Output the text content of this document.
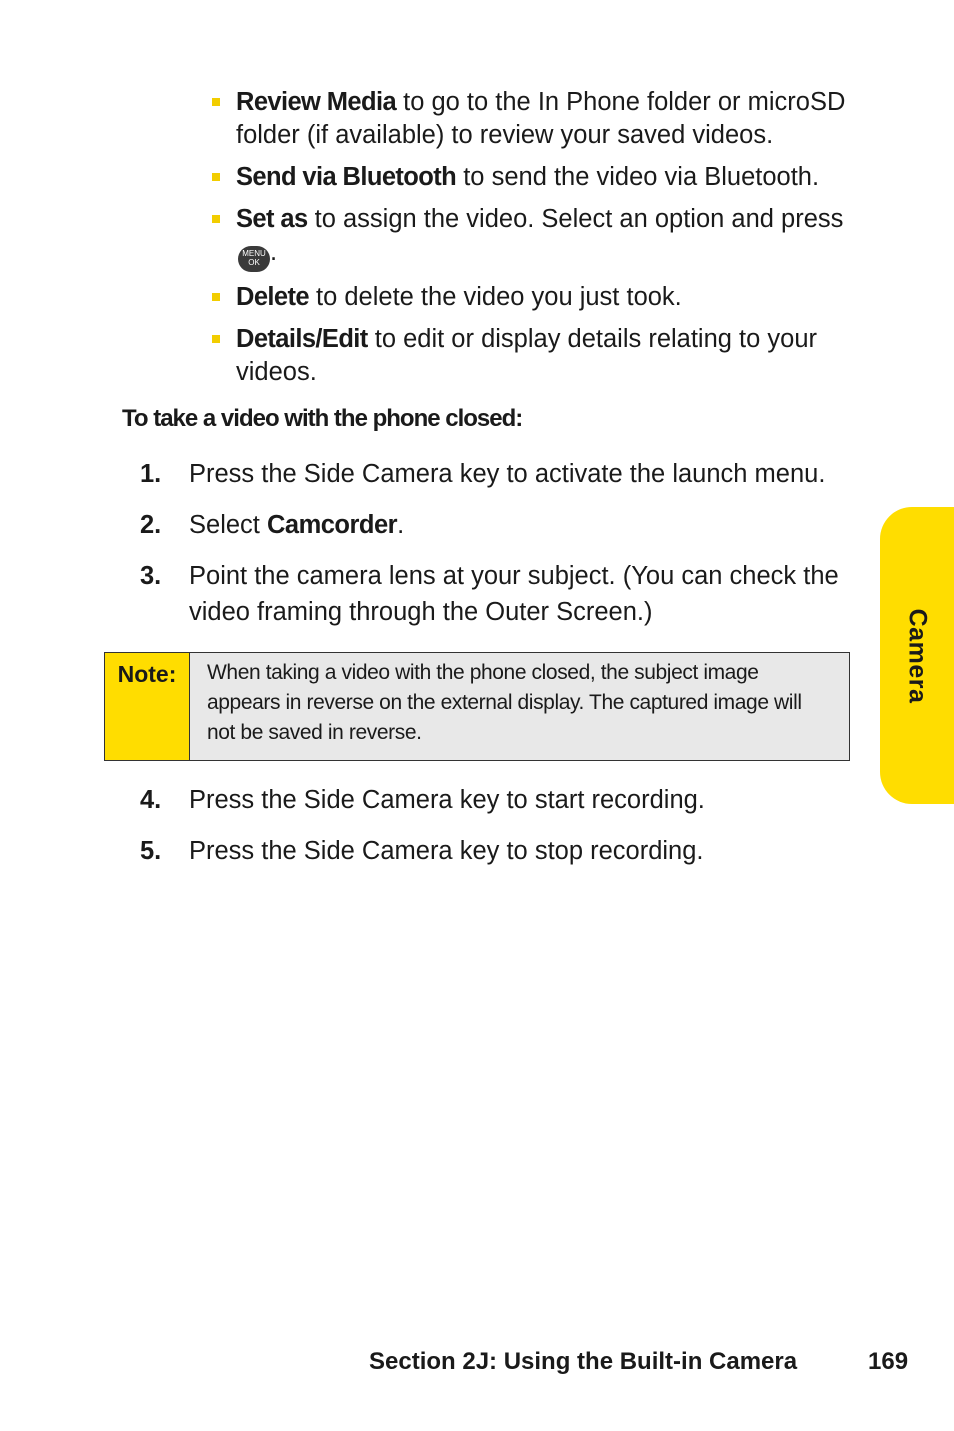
Review Media to go to the In Phone folder or microSD folder (if available) to review your saved videos.
Send via Bluetooth to send the video via Bluetooth.
Set as to assign the video. Select an option and press
MENU
OK .
Delete to delete the video you just took.
Details/Edit to edit or display details relating to your videos.
To take a video with the phone closed:
1. Press the Side Camera key to activate the launch menu.
2. Select Camcorder.
3. Point the camera lens at your subject. (You can check the video framing through the Outer Screen.)
Note:	When taking a video with the phone closed, the subject image appears in reverse on the external display. The captured image will not be saved in reverse.
4. Press the Side Camera key to start recording.
5. Press the Side Camera key to stop recording.
Camera
Section 2J: Using the Built-in Camera	169
